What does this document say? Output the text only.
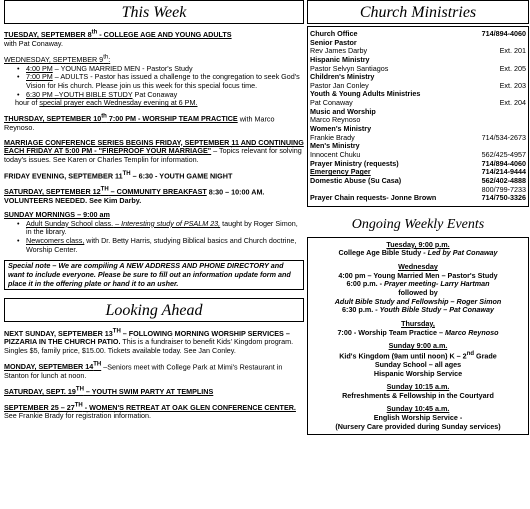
This Week
TUESDAY, SEPTEMBER 8th - COLLEGE AGE AND YOUNG ADULTS
with Pat Conaway.
WEDNESDAY, SEPTEMBER 9th:
• 4:00 PM – YOUNG MARRIED MEN - Pastor's Study
• 7:00 PM – ADULTS - Pastor has issued a challenge to the congregation to seek God's Vision for His church. Please join us this week for this special focus time.
• 6:30 PM –YOUTH BIBLE STUDY Pat Conaway
hour of special prayer each Wednesday evening at 6 PM.
THURSDAY, SEPTEMBER 10th 7:00 PM - WORSHIP TEAM PRACTICE with Marco Reynoso.
MARRIAGE CONFERENCE SERIES BEGINS FRIDAY, SEPTEMBER 11 AND CONTINUING EACH FRIDAY AT 5:00 PM - "FIREPROOF YOUR MARRIAGE" – Topics relevant for solving today's issues. See Karen or Charles Templin for information.
FRIDAY EVENING, SEPTEMBER 11TH – 6:30 - YOUTH GAME NIGHT
SATURDAY, SEPTEMBER 12TH – COMMUNITY BREAKFAST 8:30 – 10:00 AM. VOLUNTEERS NEEDED. See Kim Darby.
SUNDAY MORNINGS – 9:00 am
• Adult Sunday School class. – Interesting study of PSALM 23, taught by Roger Simon, in the library.
• Newcomers class, with Dr. Betty Harris, studying Biblical basics and Church doctrine, Worship Center.
Special note – We are compiling A NEW ADDRESS AND PHONE DIRECTORY and want to include everyone. Please be sure to fill out an information update form and place it in the offering plate or hand it to an usher.
Looking Ahead
NEXT SUNDAY, SEPTEMBER 13TH – FOLLOWING MORNING WORSHIP SERVICES – PIZZARIA IN THE CHURCH PATIO. This is a fundraiser to benefit Kids' Kingdom program. Singles $5, family price, $15.00. Tickets available today. See Jan Conley.
MONDAY, SEPTEMBER 14TH –Seniors meet with College Park at Mimi's Restaurant in Stanton for lunch at noon.
SATURDAY, SEPT. 19TH – YOUTH SWIM PARTY AT TEMPLINS
SEPTEMBER 25 – 27TH - WOMEN'S RETREAT AT OAK GLEN CONFERENCE CENTER. See Frankie Brady for registration information.
Church Ministries
Church Office	714/894-4060
Senior Pastor
Rev James Darby	Ext. 201
Hispanic Ministry
Pastor Selvyn Santiagos	Ext. 205
Children's Ministry
Pastor Jan Conley	Ext. 203
Youth & Young Adults Ministries
Pat Conaway	Ext. 204
Music and Worship
Marco Reynoso
Women's Ministry
Frankie Brady	714/534-2673
Men's Ministry
Innocent Chuku	562/425-4957
Prayer Ministry (requests)	714/894-4060
Emergency Pager	714/214-9444
Domestic Abuse (Su Casa)	562/402-4888
800/799-7233
Prayer Chain requests- Jonne Brown	714/750-3326
Ongoing Weekly Events
Tuesday, 9:00 p.m.
College Age Bible Study - Led by Pat Conaway
Wednesday
4:00 pm – Young Married Men – Pastor's Study
6:00 p.m. - Prayer meeting- Larry Hartman
followed by
Adult Bible Study and Fellowship – Roger Simon
6:30 p.m. - Youth Bible Study – Pat Conaway
Thursday,
7:00 - Worship Team Practice – Marco Reynoso
Sunday 9:00 a.m.
Kid's Kingdom (9am until noon) K – 2nd Grade
Sunday School – all ages
Hispanic Worship Service
Sunday 10:15 a.m.
Refreshments & Fellowship in the Courtyard
Sunday 10:45 a.m.
English Worship Service -
(Nursery Care provided during Sunday services)
